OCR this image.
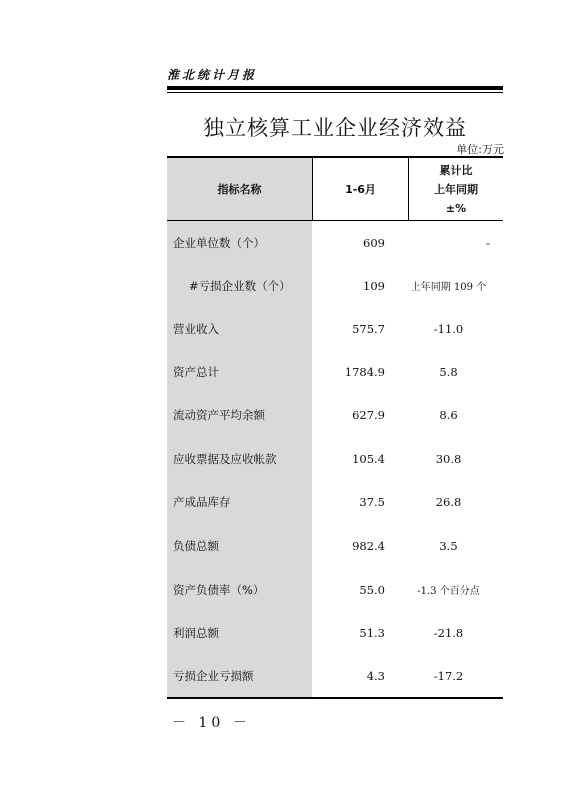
淮北统计月报
独立核算工业企业经济效益
单位:万元
指标名称	1-6月
累计比
上年同期
±%
企业单位数（个）	609	-
#亏损企业数（个）	109	上年同期 109 个
营业收入	575.7	-11.0
资产总计	1784.9	5.8
流动资产平均余额	627.9	8.6
应收票据及应收帐款	105.4	30.8
产成品库存	37.5	26.8
负债总额	982.4	3.5
资产负债率（%）	55.0	-1.3 个百分点
利润总额	51.3	-21.8
亏损企业亏损额	4.3	-17.2
－ 10 －
